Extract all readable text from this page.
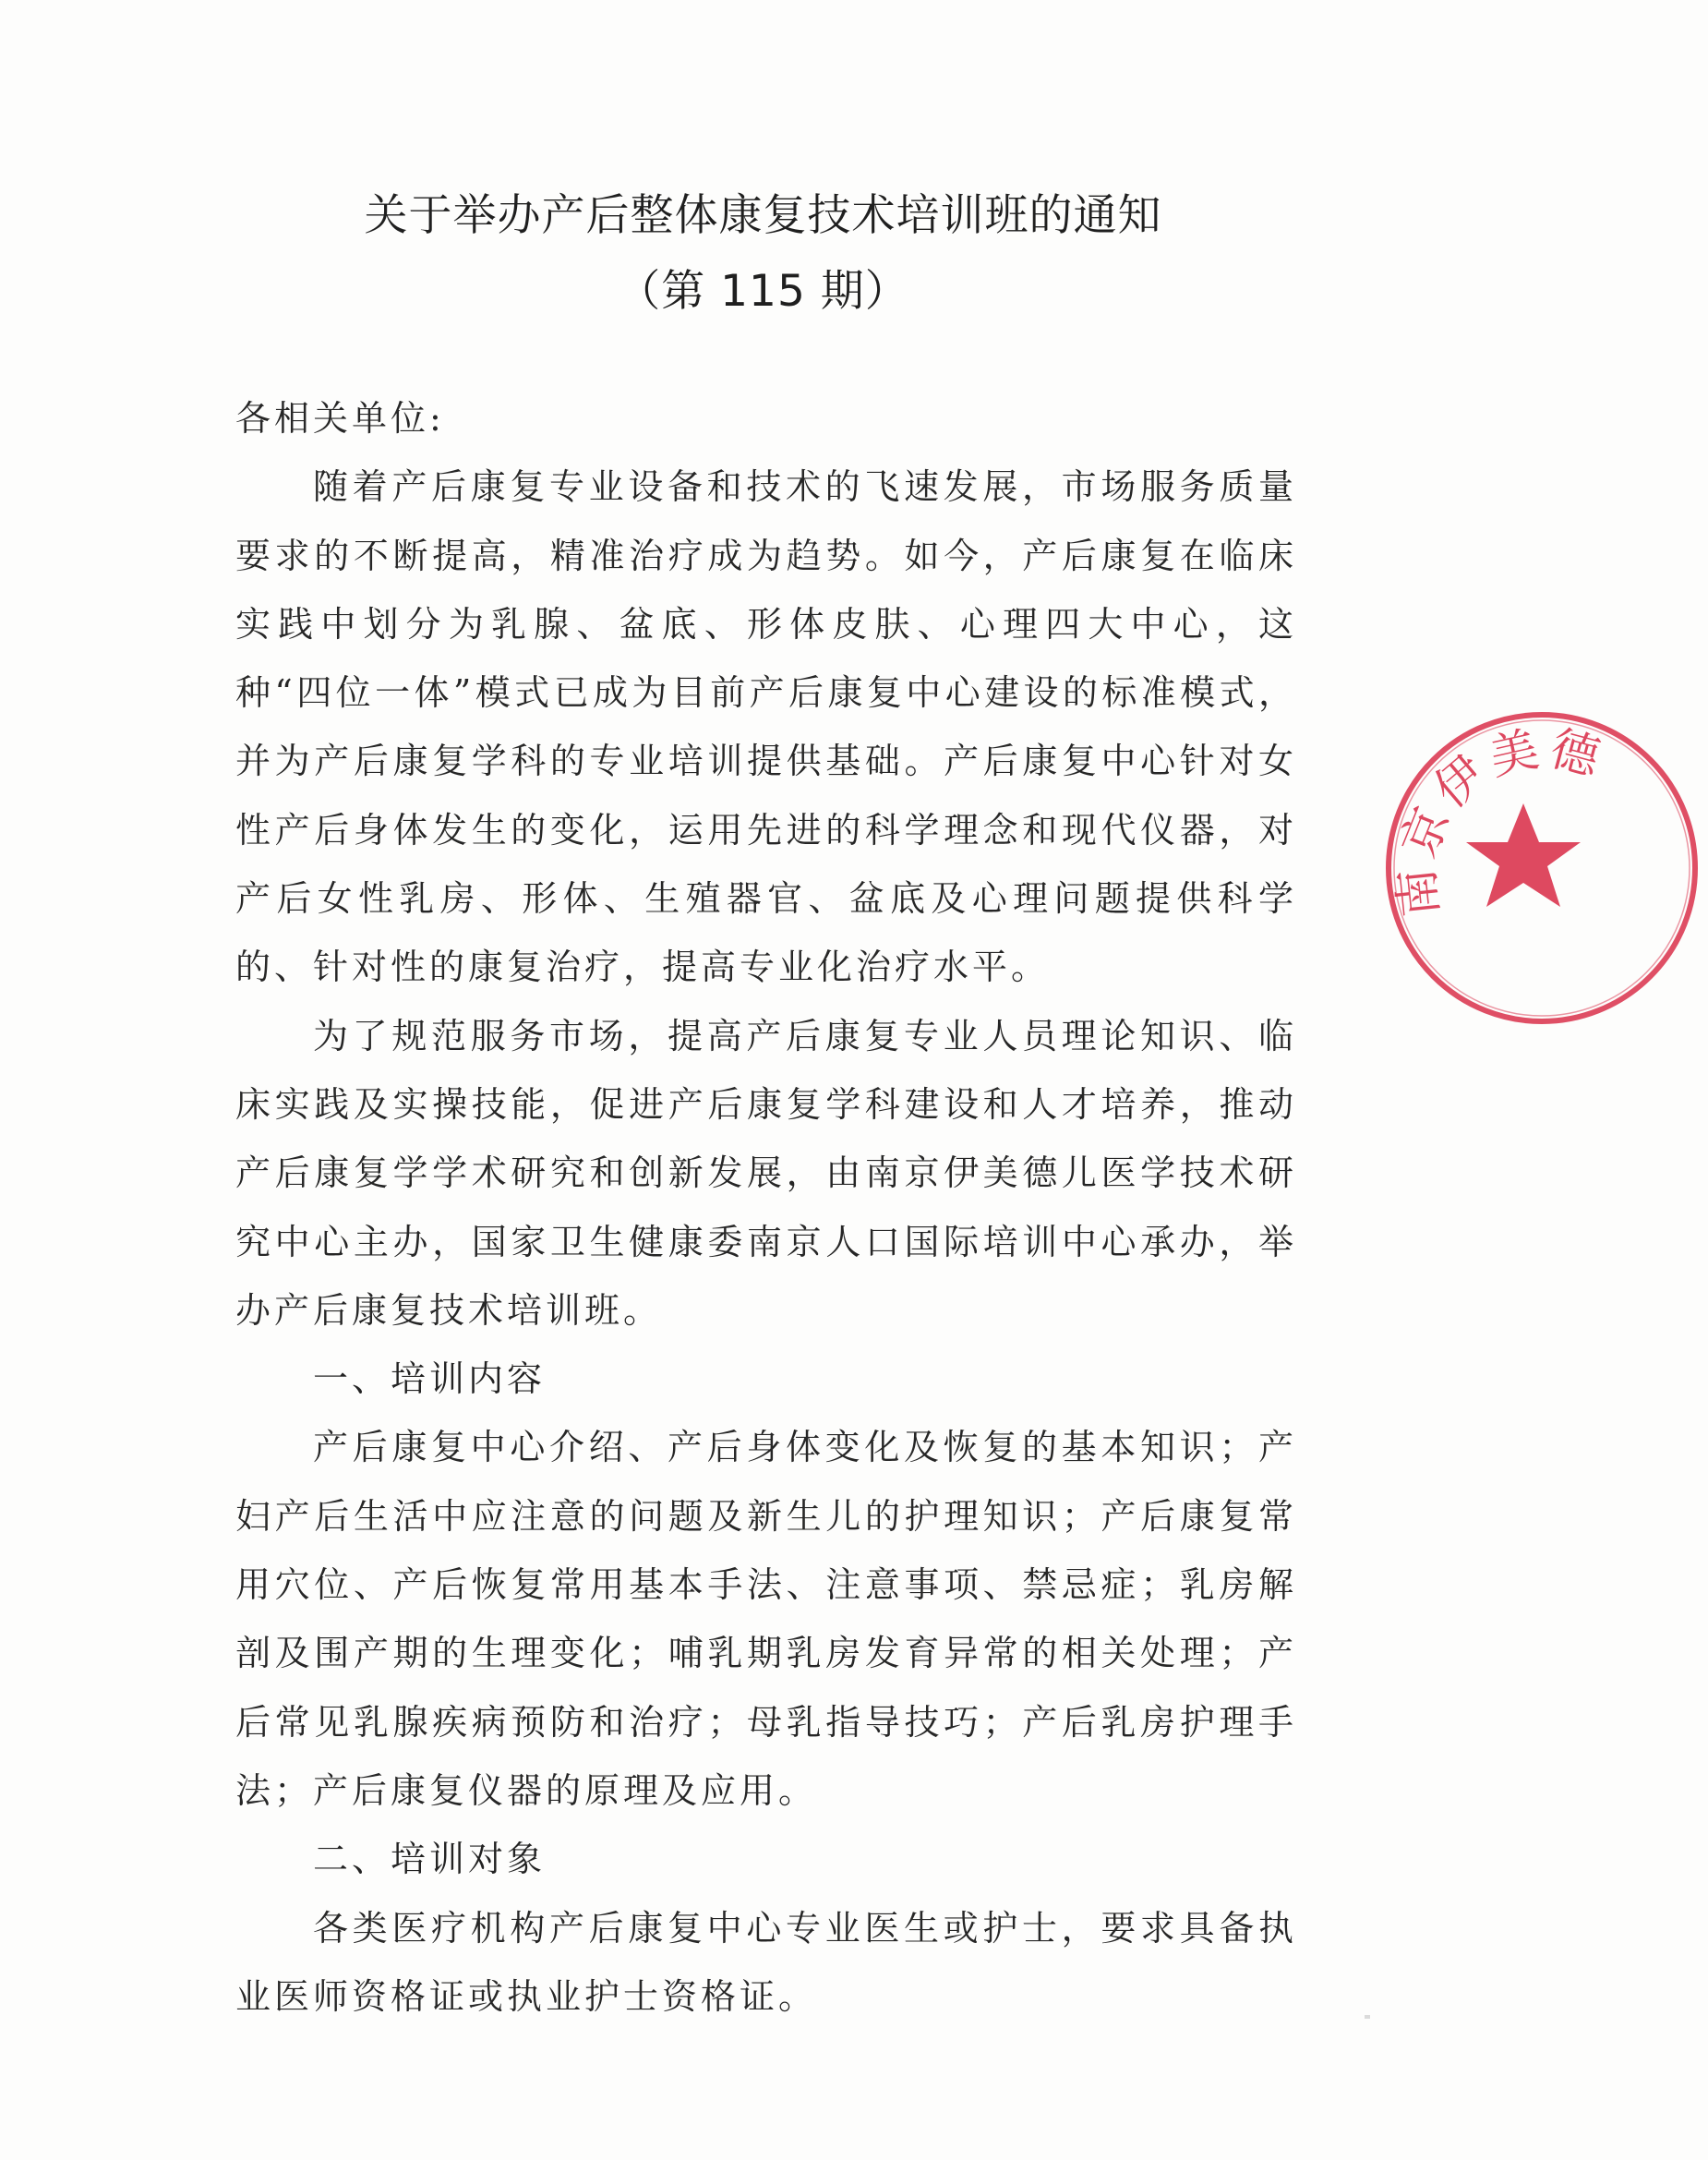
关于举办产后整体康复技术培训班的通知
（第 115 期）

各相关单位:

随着产后康复专业设备和技术的飞速发展，市场服务质量要求的不断提高，精准治疗成为趋势。如今，产后康复在临床实践中划分为乳腺、盆底、形体皮肤、心理四大中心，这种“四位一体”模式已成为目前产后康复中心建设的标准模式，并为产后康复学科的专业培训提供基础。产后康复中心针对女性产后身体发生的变化，运用先进的科学理念和现代仪器，对产后女性乳房、形体、生殖器官、盆底及心理问题提供科学的、针对性的康复治疗，提高专业化治疗水平。

为了规范服务市场，提高产后康复专业人员理论知识、临床实践及实操技能，促进产后康复学科建设和人才培养，推动产后康复学学术研究和创新发展，由南京伊美德儿医学技术研究中心主办，国家卫生健康委南京人口国际培训中心承办，举办产后康复技术培训班。

一、培训内容

产后康复中心介绍、产后身体变化及恢复的基本知识；产妇产后生活中应注意的问题及新生儿的护理知识；产后康复常用穴位、产后恢复常用基本手法、注意事项、禁忌症；乳房解剖及围产期的生理变化；哺乳期乳房发育异常的相关处理；产后常见乳腺疾病预防和治疗；母乳指导技巧；产后乳房护理手法；产后康复仪器的原理及应用。

二、培训对象

各类医疗机构产后康复中心专业医生或护士，要求具备执业医师资格证或执业护士资格证。

南京伊美德
